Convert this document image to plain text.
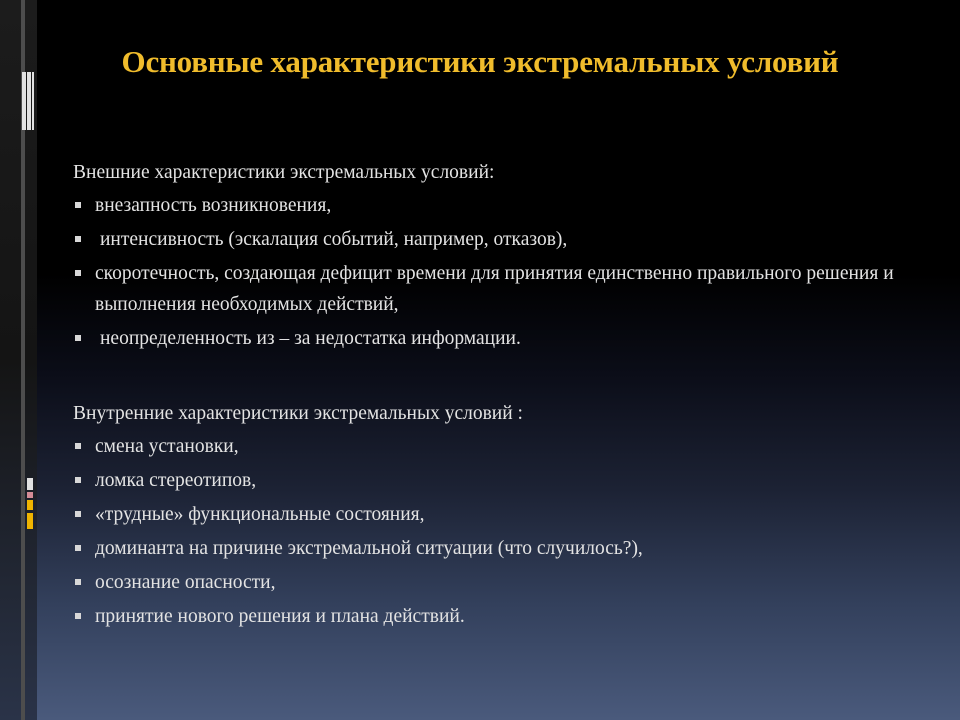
Основные характеристики экстремальных условий

Внешние характеристики экстремальных условий:

внезапность возникновения,
интенсивность (эскалация событий, например, отказов),
скоротечность, создающая дефицит времени для принятия единственно правильного решения и выполнения необходимых действий,
неопределенность из – за недостатка информации.

Внутренние характеристики экстремальных условий :

смена установки,
ломка стереотипов,
«трудные» функциональные состояния,
доминанта на причине экстремальной ситуации (что случилось?),
осознание опасности,
принятие нового решения и плана действий.
